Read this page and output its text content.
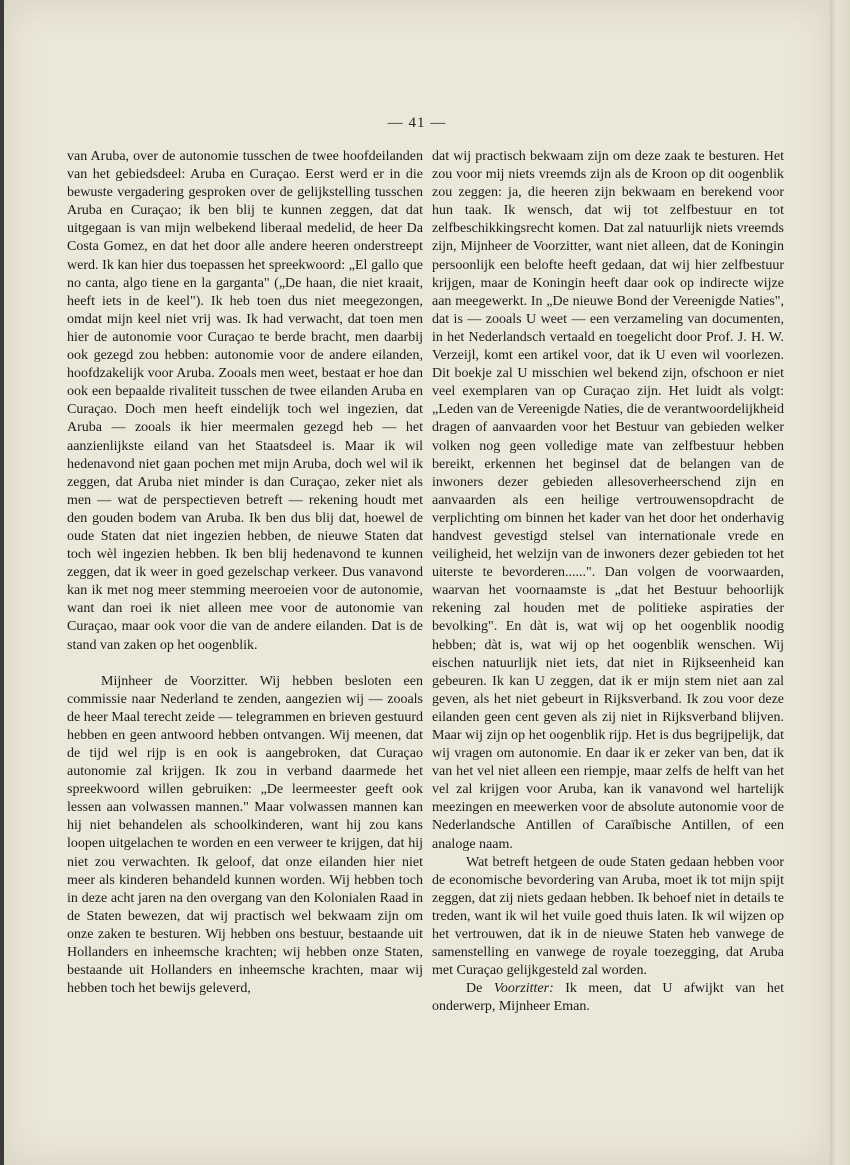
— 41 —

van Aruba, over de autonomie tusschen de twee hoofdeilanden van het gebiedsdeel: Aruba en Curaçao. Eerst werd er in die bewuste vergadering gesproken over de gelijkstelling tusschen Aruba en Curaçao; ik ben blij te kunnen zeggen, dat dat uitgegaan is van mijn welbekend liberaal medelid, de heer Da Costa Gomez, en dat het door alle andere heeren onderstreept werd. Ik kan hier dus toepassen het spreekwoord: „El gallo que no canta, algo tiene en la garganta" („De haan, die niet kraait, heeft iets in de keel"). Ik heb toen dus niet meegezongen, omdat mijn keel niet vrij was. Ik had verwacht, dat toen men hier de autonomie voor Curaçao te berde bracht, men daarbij ook gezegd zou hebben: autonomie voor de andere eilanden, hoofdzakelijk voor Aruba. Zooals men weet, bestaat er hoe dan ook een bepaalde rivaliteit tusschen de twee eilanden Aruba en Curaçao. Doch men heeft eindelijk toch wel ingezien, dat Aruba — zooals ik hier meermalen gezegd heb — het aanzienlijkste eiland van het Staatsdeel is. Maar ik wil hedenavond niet gaan pochen met mijn Aruba, doch wel wil ik zeggen, dat Aruba niet minder is dan Curaçao, zeker niet als men — wat de perspectieven betreft — rekening houdt met den gouden bodem van Aruba. Ik ben dus blij dat, hoewel de oude Staten dat niet ingezien hebben, de nieuwe Staten dat toch wèl ingezien hebben. Ik ben blij hedenavond te kunnen zeggen, dat ik weer in goed gezelschap verkeer. Dus vanavond kan ik met nog meer stemming meeroeien voor de autonomie, want dan roei ik niet alleen mee voor de autonomie van Curaçao, maar ook voor die van de andere eilanden. Dat is de stand van zaken op het oogenblik.

Mijnheer de Voorzitter. Wij hebben besloten een commissie naar Nederland te zenden, aangezien wij — zooals de heer Maal terecht zeide — telegrammen en brieven gestuurd hebben en geen antwoord hebben ontvangen. Wij meenen, dat de tijd wel rijp is en ook is aangebroken, dat Curaçao autonomie zal krijgen. Ik zou in verband daarmede het spreekwoord willen gebruiken: „De leermeester geeft ook lessen aan volwassen mannen." Maar volwassen mannen kan hij niet behandelen als schoolkinderen, want hij zou kans loopen uitgelachen te worden en een verweer te krijgen, dat hij niet zou verwachten. Ik geloof, dat onze eilanden hier niet meer als kinderen behandeld kunnen worden. Wij hebben toch in deze acht jaren na den overgang van den Kolonialen Raad in de Staten bewezen, dat wij practisch wel bekwaam zijn om onze zaken te besturen. Wij hebben ons bestuur, bestaande uit Hollanders en inheemsche krachten; wij hebben onze Staten, bestaande uit Hollanders en inheemsche krachten, maar wij hebben toch het bewijs geleverd,

dat wij practisch bekwaam zijn om deze zaak te besturen. Het zou voor mij niets vreemds zijn als de Kroon op dit oogenblik zou zeggen: ja, die heeren zijn bekwaam en berekend voor hun taak. Ik wensch, dat wij tot zelfbestuur en tot zelfbeschikkingsrecht komen. Dat zal natuurlijk niets vreemds zijn, Mijnheer de Voorzitter, want niet alleen, dat de Koningin persoonlijk een belofte heeft gedaan, dat wij hier zelfbestuur krijgen, maar de Koningin heeft daar ook op indirecte wijze aan meegewerkt. In „De nieuwe Bond der Vereenigde Naties", dat is — zooals U weet — een verzameling van documenten, in het Nederlandsch vertaald en toegelicht door Prof. J. H. W. Verzeijl, komt een artikel voor, dat ik U even wil voorlezen. Dit boekje zal U misschien wel bekend zijn, ofschoon er niet veel exemplaren van op Curaçao zijn. Het luidt als volgt: „Leden van de Vereenigde Naties, die de verantwoordelijkheid dragen of aanvaarden voor het Bestuur van gebieden welker volken nog geen volledige mate van zelfbestuur hebben bereikt, erkennen het beginsel dat de belangen van de inwoners dezer gebieden allesoverheerschend zijn en aanvaarden als een heilige vertrouwensopdracht de verplichting om binnen het kader van het door het onderhavig handvest gevestigd stelsel van internationale vrede en veiligheid, het welzijn van de inwoners dezer gebieden tot het uiterste te bevorderen......". Dan volgen de voorwaarden, waarvan het voornaamste is „dat het Bestuur behoorlijk rekening zal houden met de politieke aspiraties der bevolking". En dàt is, wat wij op het oogenblik noodig hebben; dàt is, wat wij op het oogenblik wenschen. Wij eischen natuurlijk niet iets, dat niet in Rijkseenheid kan gebeuren. Ik kan U zeggen, dat ik er mijn stem niet aan zal geven, als het niet gebeurt in Rijksverband. Ik zou voor deze eilanden geen cent geven als zij niet in Rijksverband blijven. Maar wij zijn op het oogenblik rijp. Het is dus begrijpelijk, dat wij vragen om autonomie. En daar ik er zeker van ben, dat ik van het vel niet alleen een riempje, maar zelfs de helft van het vel zal krijgen voor Aruba, kan ik vanavond wel hartelijk meezingen en meewerken voor de absolute autonomie voor de Nederlandsche Antillen of Caraïbische Antillen, of een analoge naam.

Wat betreft hetgeen de oude Staten gedaan hebben voor de economische bevordering van Aruba, moet ik tot mijn spijt zeggen, dat zij niets gedaan hebben. Ik behoef niet in details te treden, want ik wil het vuile goed thuis laten. Ik wil wijzen op het vertrouwen, dat ik in de nieuwe Staten heb vanwege de samenstelling en vanwege de royale toezegging, dat Aruba met Curaçao gelijkgesteld zal worden.

De Voorzitter: Ik meen, dat U afwijkt van het onderwerp, Mijnheer Eman.
